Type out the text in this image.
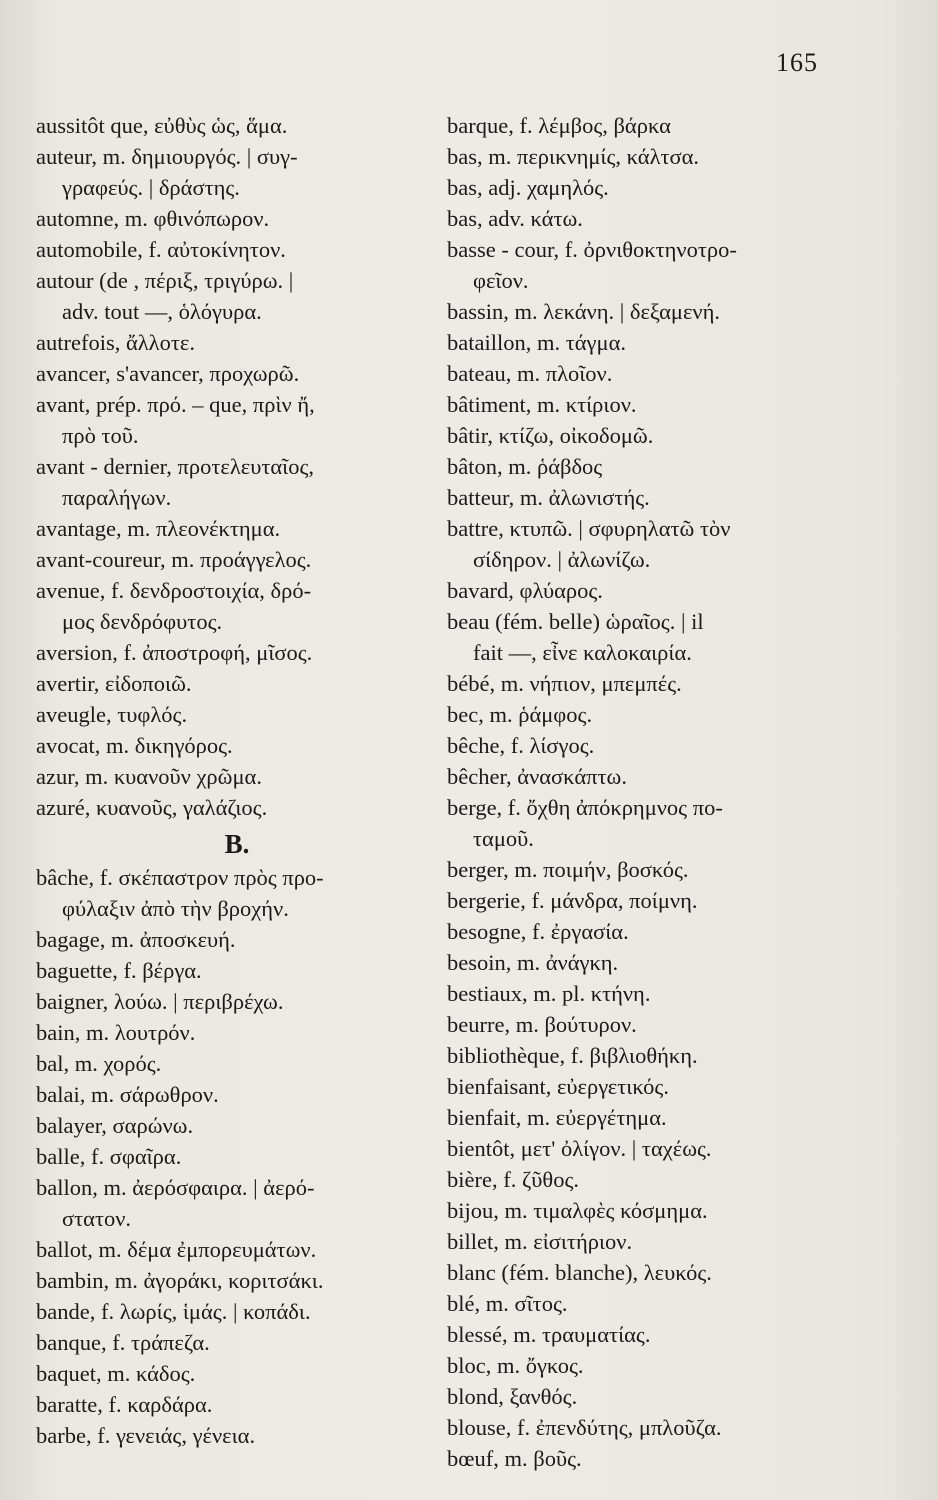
165
aussitôt que, εὐθὺς ὡς, ἅμα.
auteur, m. δημιουργός. | συγ-
γραφεύς. | δράστης.
automne, m. φθινόπωρον.
automobile, f. αὐτοκίνητον.
autour (de , πέριξ, τριγύρω. |
adv. tout —, ὁλόγυρα.
autrefois, ἄλλοτε.
avancer, s'avancer, προχωρῶ.
avant, prép. πρό. – que, πρὶν ἤ,
πρὸ τοῦ.
avant - dernier, προτελευταῖος,
παραλήγων.
avantage, m. πλεονέκτημα.
avant-coureur, m. προάγγελος.
avenue, f. δενδροστοιχία, δρό-
μος δενδρόφυτος.
aversion, f. ἀποστροφή, μῖσος.
avertir, εἰδοποιῶ.
aveugle, τυφλός.
avocat, m. δικηγόρος.
azur, m. κυανοῦν χρῶμα.
azuré, κυανοῦς, γαλάζιος.
B.
bâche, f. σκέπαστρον πρὸς προ-
φύλαξιν ἀπὸ τὴν βροχήν.
bagage, m. ἀποσκευή.
baguette, f. βέργα.
baigner, λούω. | περιβρέχω.
bain, m. λουτρόν.
bal, m. χορός.
balai, m. σάρωθρον.
balayer, σαρώνω.
balle, f. σφαῖρα.
ballon, m. ἀερόσφαιρα. | ἀερό-
στατον.
ballot, m. δέμα ἐμπορευμάτων.
bambin, m. ἀγοράκι, κοριτσάκι.
bande, f. λωρίς, ἱμάς. | κοπάδι.
banque, f. τράπεζα.
baquet, m. κάδος.
baratte, f. καρδάρα.
barbe, f. γενειάς, γένεια.
barque, f. λέμβος, βάρκα
bas, m. περικνημίς, κάλτσα.
bas, adj. χαμηλός.
bas, adv. κάτω.
basse - cour, f. ὀρνιθοκτηνοτρο-
φεῖον.
bassin, m. λεκάνη. | δεξαμενή.
bataillon, m. τάγμα.
bateau, m. πλοῖον.
bâtiment, m. κτίριον.
bâtir, κτίζω, οἰκοδομῶ.
bâton, m. ῥάβδος
batteur, m. ἀλωνιστής.
battre, κτυπῶ. | σφυρηλατῶ τὸν
σίδηρον. | ἀλωνίζω.
bavard, φλύαρος.
beau (fém. belle) ὡραῖος. | il
fait —, εἶνε καλοκαιρία.
bébé, m. νήπιον, μπεμπές.
bec, m. ῥάμφος.
bêche, f. λίσγος.
bêcher, ἀνασκάπτω.
berge, f. ὄχθη ἀπόκρημνος πο-
ταμοῦ.
berger, m. ποιμήν, βοσκός.
bergerie, f. μάνδρα, ποίμνη.
besogne, f. ἐργασία.
besoin, m. ἀνάγκη.
bestiaux, m. pl. κτήνη.
beurre, m. βούτυρον.
bibliothèque, f. βιβλιοθήκη.
bienfaisant, εὐεργετικός.
bienfait, m. εὐεργέτημα.
bientôt, μετ' ὀλίγον. | ταχέως.
bière, f. ζῦθος.
bijou, m. τιμαλφὲς κόσμημα.
billet, m. εἰσιτήριον.
blanc (fém. blanche), λευκός.
blé, m. σῖτος.
blessé, m. τραυματίας.
bloc, m. ὄγκος.
blond, ξανθός.
blouse, f. ἐπενδύτης, μπλοῦζα.
bœuf, m. βοῦς.
